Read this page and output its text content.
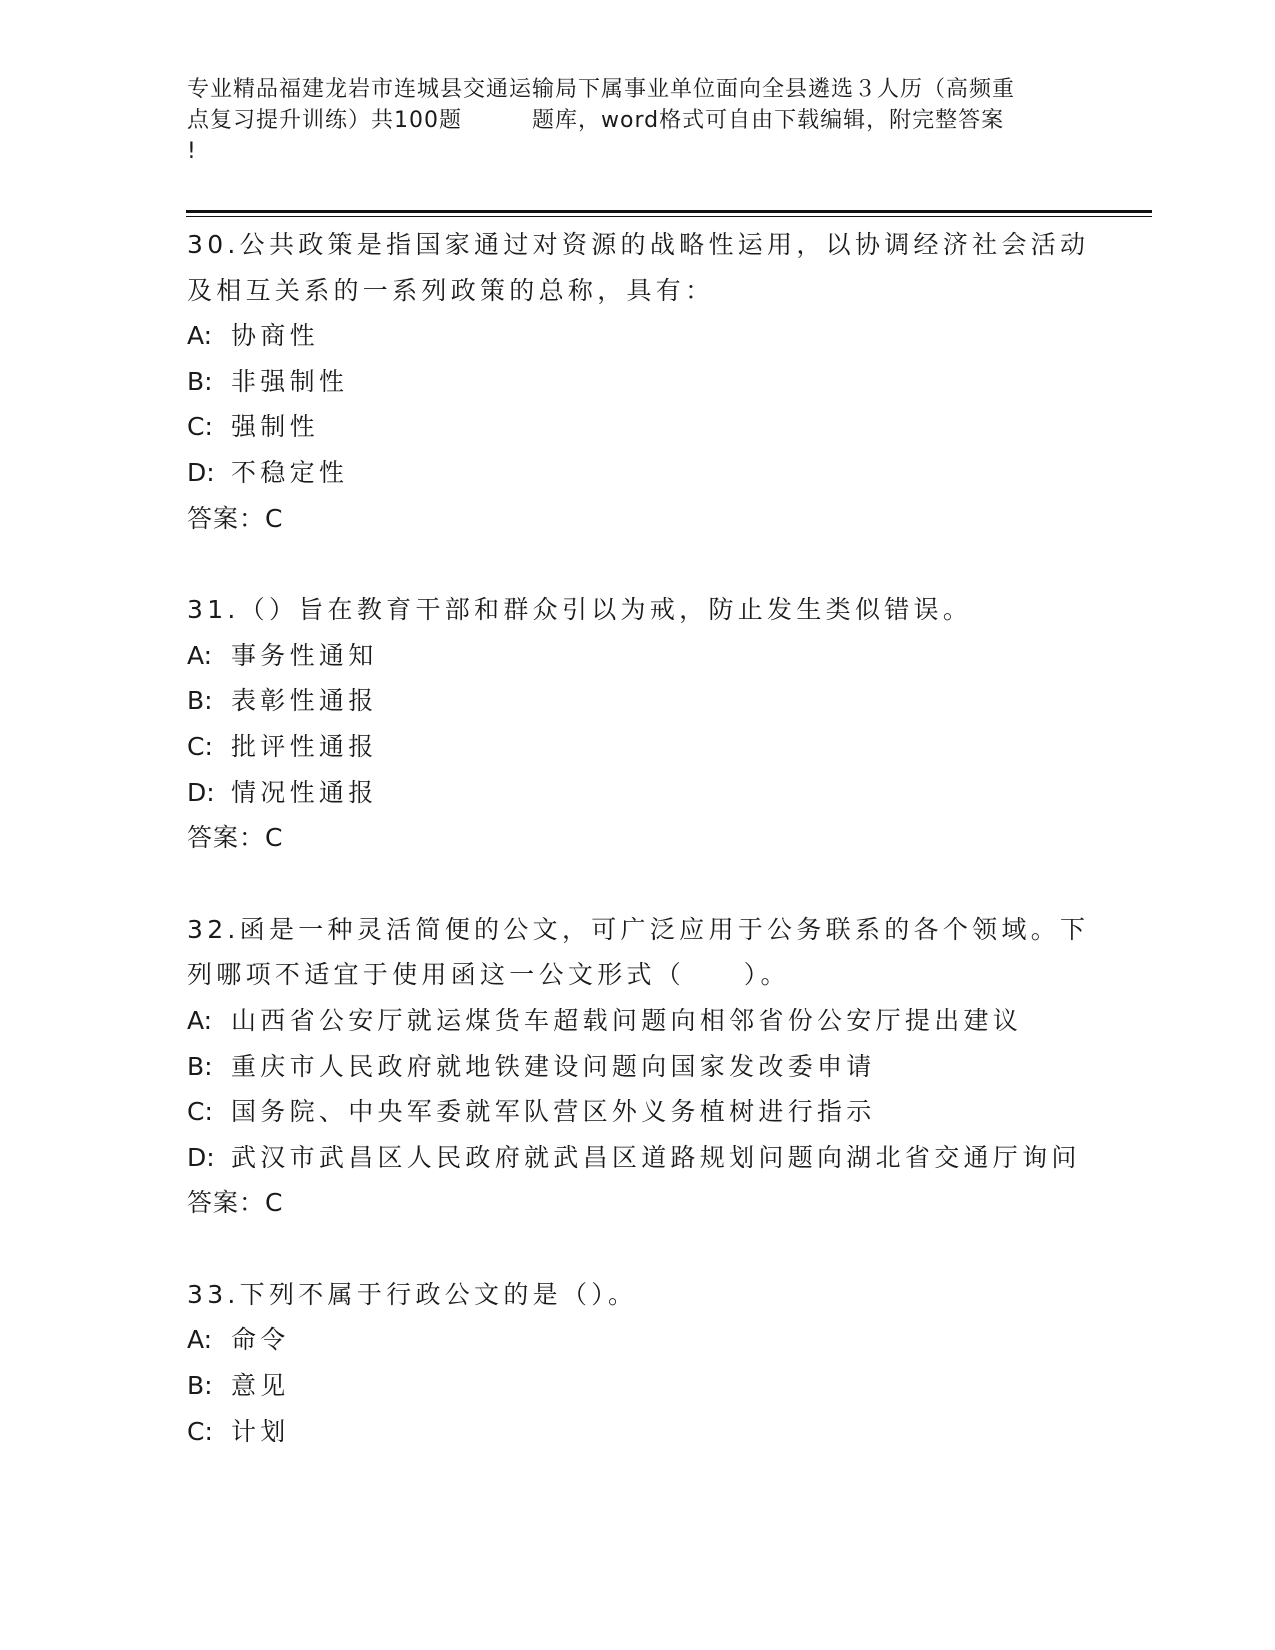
专业精品福建龙岩市连城县交通运输局下属事业单位面向全县遴选３人历（高频重
点复习提升训练）共100题	题库，word格式可自由下载编辑，附完整答案
!
30.公共政策是指国家通过对资源的战略性运用，以协调经济社会活动
及相互关系的一系列政策的总称，具有：
A: 协商性
B: 非强制性
C: 强制性
D: 不稳定性
答案：C
31.（）旨在教育干部和群众引以为戒，防止发生类似错误。
A: 事务性通知
B: 表彰性通报
C: 批评性通报
D: 情况性通报
答案：C
32.函是一种灵活简便的公文，可广泛应用于公务联系的各个领域。下
列哪项不适宜于使用函这一公文形式（　　）。
A: 山西省公安厅就运煤货车超载问题向相邻省份公安厅提出建议
B: 重庆市人民政府就地铁建设问题向国家发改委申请
C: 国务院、中央军委就军队营区外义务植树进行指示
D: 武汉市武昌区人民政府就武昌区道路规划问题向湖北省交通厅询问
答案：C
33.下列不属于行政公文的是（）。
A: 命令
B: 意见
C: 计划
